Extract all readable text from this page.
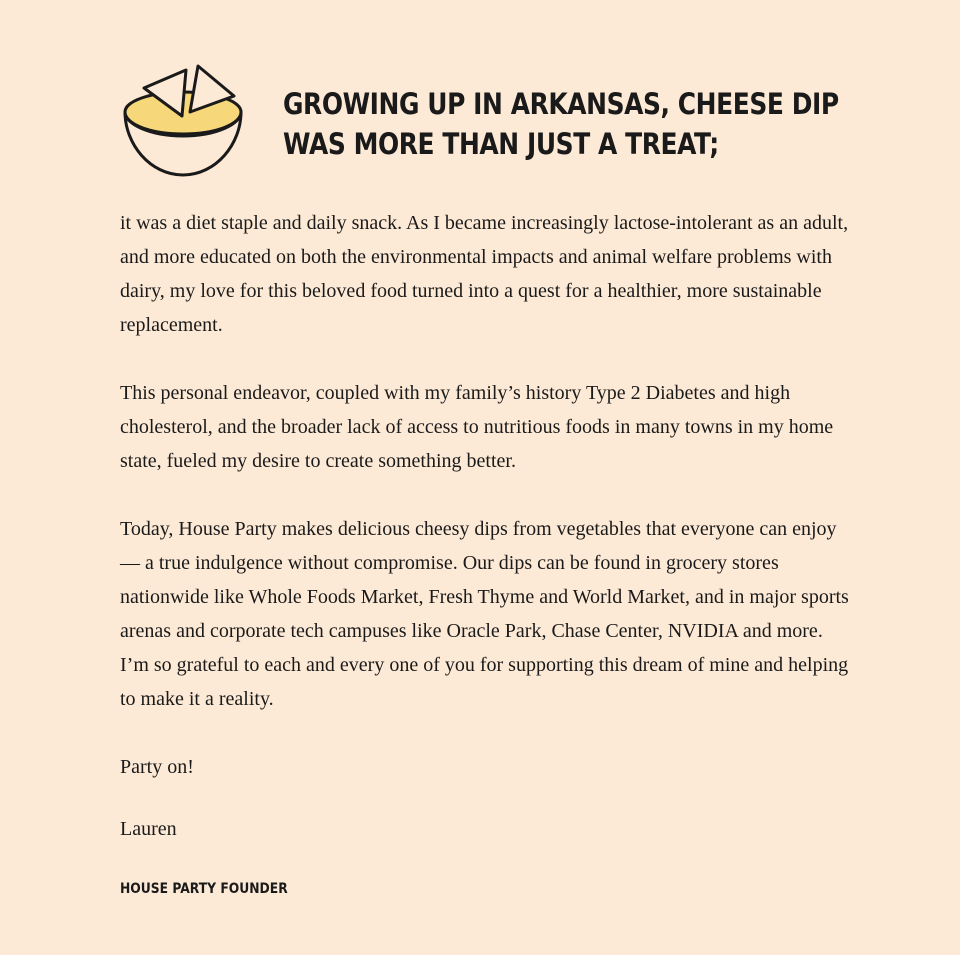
GROWING UP IN ARKANSAS, CHEESE DIP
WAS MORE THAN JUST A TREAT;

it was a diet staple and daily snack. As I became increasingly lactose-intolerant as an adult, and more educated on both the environmental impacts and animal welfare problems with dairy, my love for this beloved food turned into a quest for a healthier, more sustainable replacement.

This personal endeavor, coupled with my family’s history Type 2 Diabetes and high cholesterol, and the broader lack of access to nutritious foods in many towns in my home state, fueled my desire to create something better.

Today, House Party makes delicious cheesy dips from vegetables that everyone can enjoy— a true indulgence without compromise. Our dips can be found in grocery stores nationwide like Whole Foods Market, Fresh Thyme and World Market, and in major sports arenas and corporate tech campuses like Oracle Park, Chase Center, NVIDIA and more. I’m so grateful to each and every one of you for supporting this dream of mine and helping to make it a reality.

Party on!

Lauren

HOUSE PARTY FOUNDER
